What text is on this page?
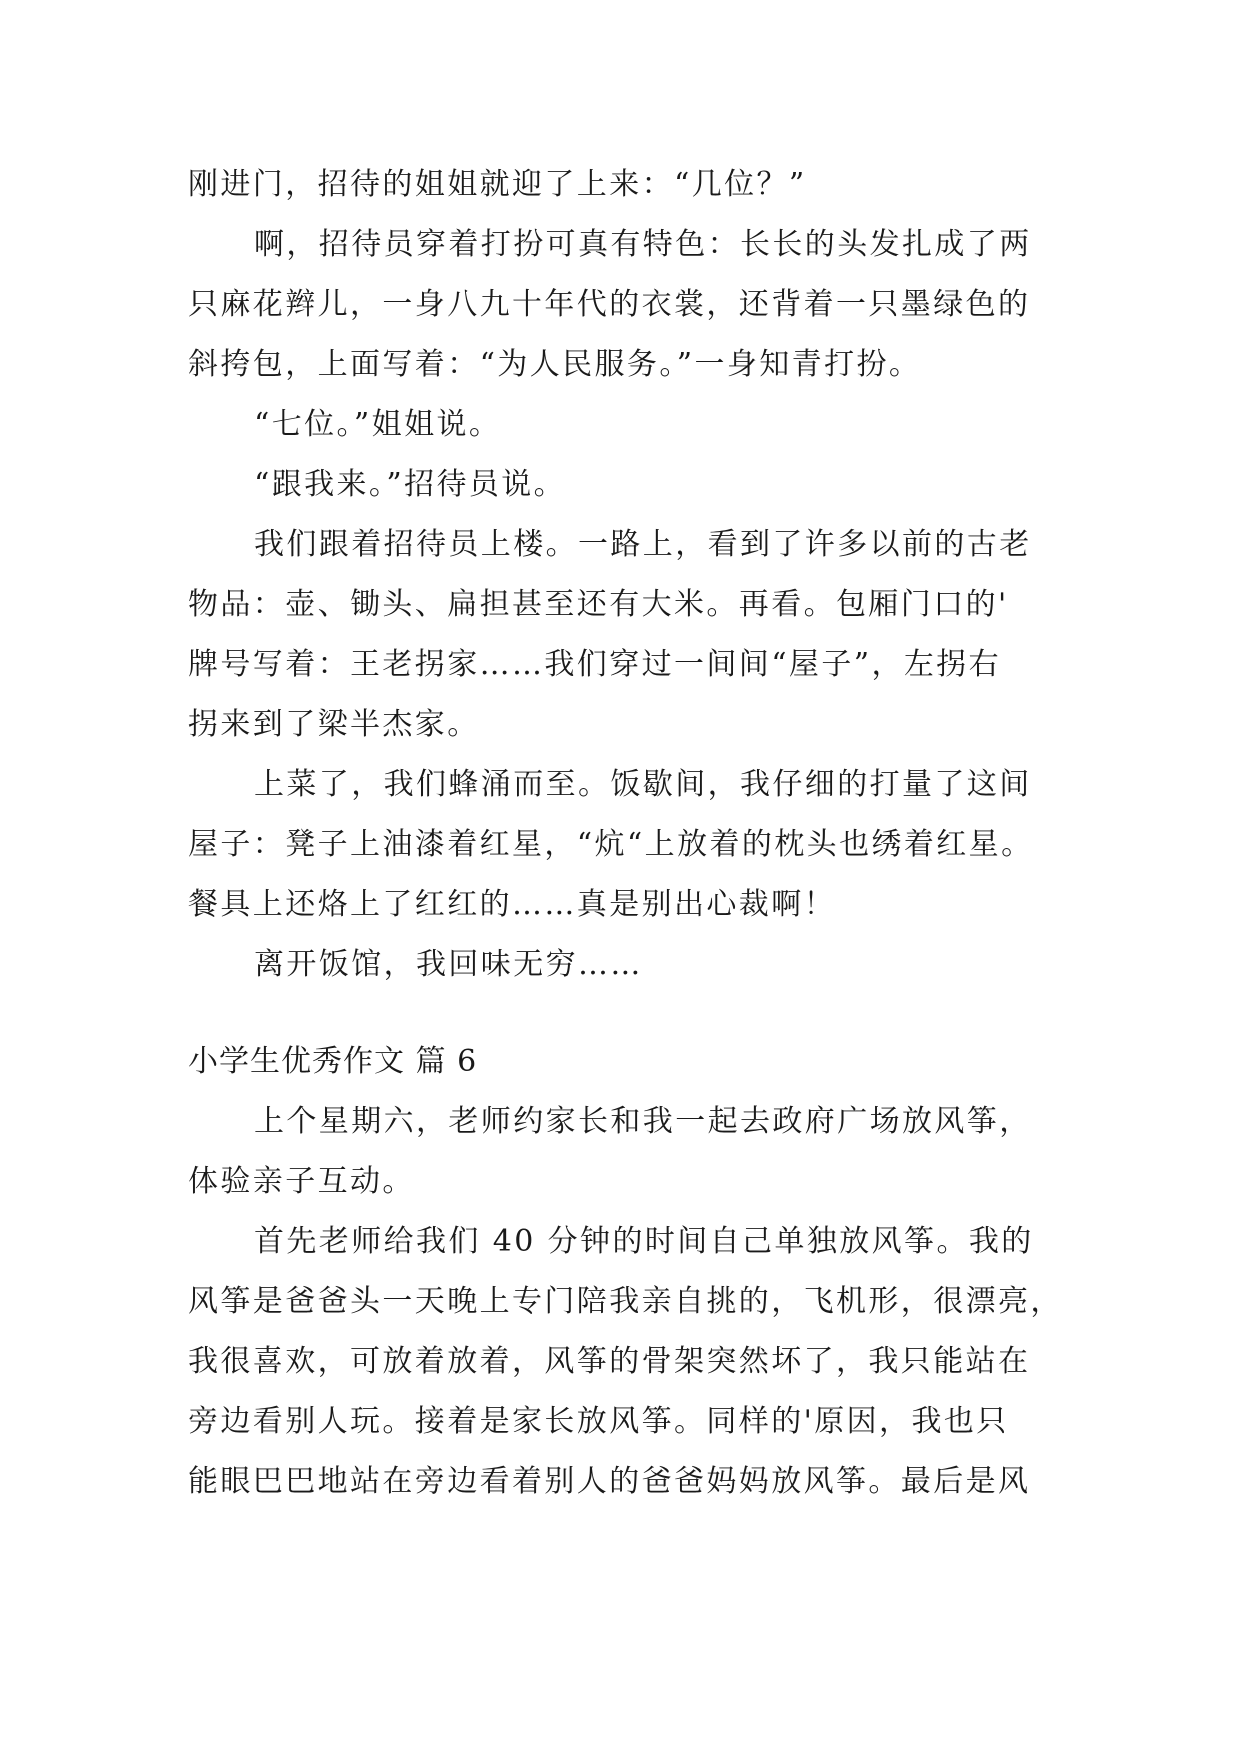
刚进门，招待的姐姐就迎了上来：“几位？”
啊，招待员穿着打扮可真有特色：长长的头发扎成了两
只麻花辫儿，一身八九十年代的衣裳，还背着一只墨绿色的
斜挎包，上面写着：“为人民服务。”一身知青打扮。
“七位。”姐姐说。
“跟我来。”招待员说。
我们跟着招待员上楼。一路上，看到了许多以前的古老
物品：壶、锄头、扁担甚至还有大米。再看。包厢门口的'
牌号写着：王老拐家……我们穿过一间间“屋子”，左拐右
拐来到了梁半杰家。
上菜了，我们蜂涌而至。饭歇间，我仔细的打量了这间
屋子：凳子上油漆着红星，“炕“上放着的枕头也绣着红星。
餐具上还烙上了红红的……真是别出心裁啊！
离开饭馆，我回味无穷……
小学生优秀作文 篇 6
上个星期六，老师约家长和我一起去政府广场放风筝，
体验亲子互动。
首先老师给我们 40 分钟的时间自己单独放风筝。我的
风筝是爸爸头一天晚上专门陪我亲自挑的，飞机形，很漂亮，
我很喜欢，可放着放着，风筝的骨架突然坏了，我只能站在
旁边看别人玩。接着是家长放风筝。同样的'原因，我也只
能眼巴巴地站在旁边看着别人的爸爸妈妈放风筝。最后是风
